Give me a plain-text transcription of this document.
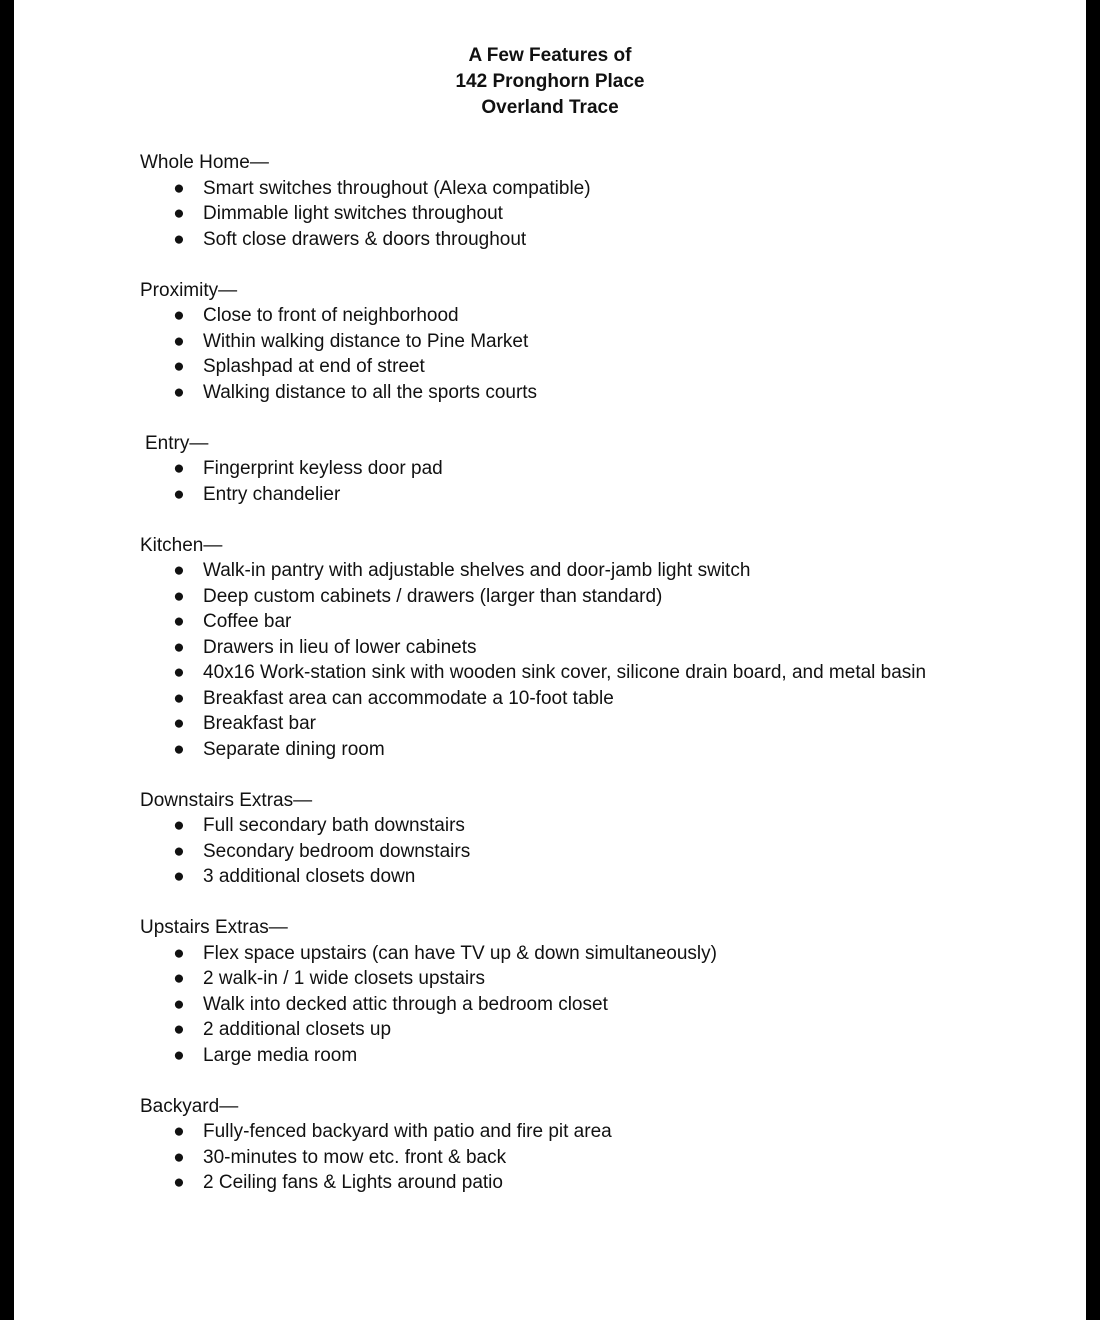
A Few Features of
142 Pronghorn Place
Overland Trace
Whole Home—
● Smart switches throughout (Alexa compatible)
● Dimmable light switches throughout
● Soft close drawers & doors throughout
Proximity—
● Close to front of neighborhood
● Within walking distance to Pine Market
● Splashpad at end of street
● Walking distance to all the sports courts
Entry—
● Fingerprint keyless door pad
● Entry chandelier
Kitchen—
● Walk-in pantry with adjustable shelves and door-jamb light switch
● Deep custom cabinets / drawers (larger than standard)
● Coffee bar
● Drawers in lieu of lower cabinets
● 40x16 Work-station sink with wooden sink cover, silicone drain board, and metal basin
● Breakfast area can accommodate a 10-foot table
● Breakfast bar
● Separate dining room
Downstairs Extras—
● Full secondary bath downstairs
● Secondary bedroom downstairs
● 3 additional closets down
Upstairs Extras—
● Flex space upstairs (can have TV up & down simultaneously)
● 2 walk-in / 1 wide closets upstairs
● Walk into decked attic through a bedroom closet
● 2 additional closets up
● Large media room
Backyard—
● Fully-fenced backyard with patio and fire pit area
● 30-minutes to mow etc. front & back
● 2 Ceiling fans & Lights around patio
